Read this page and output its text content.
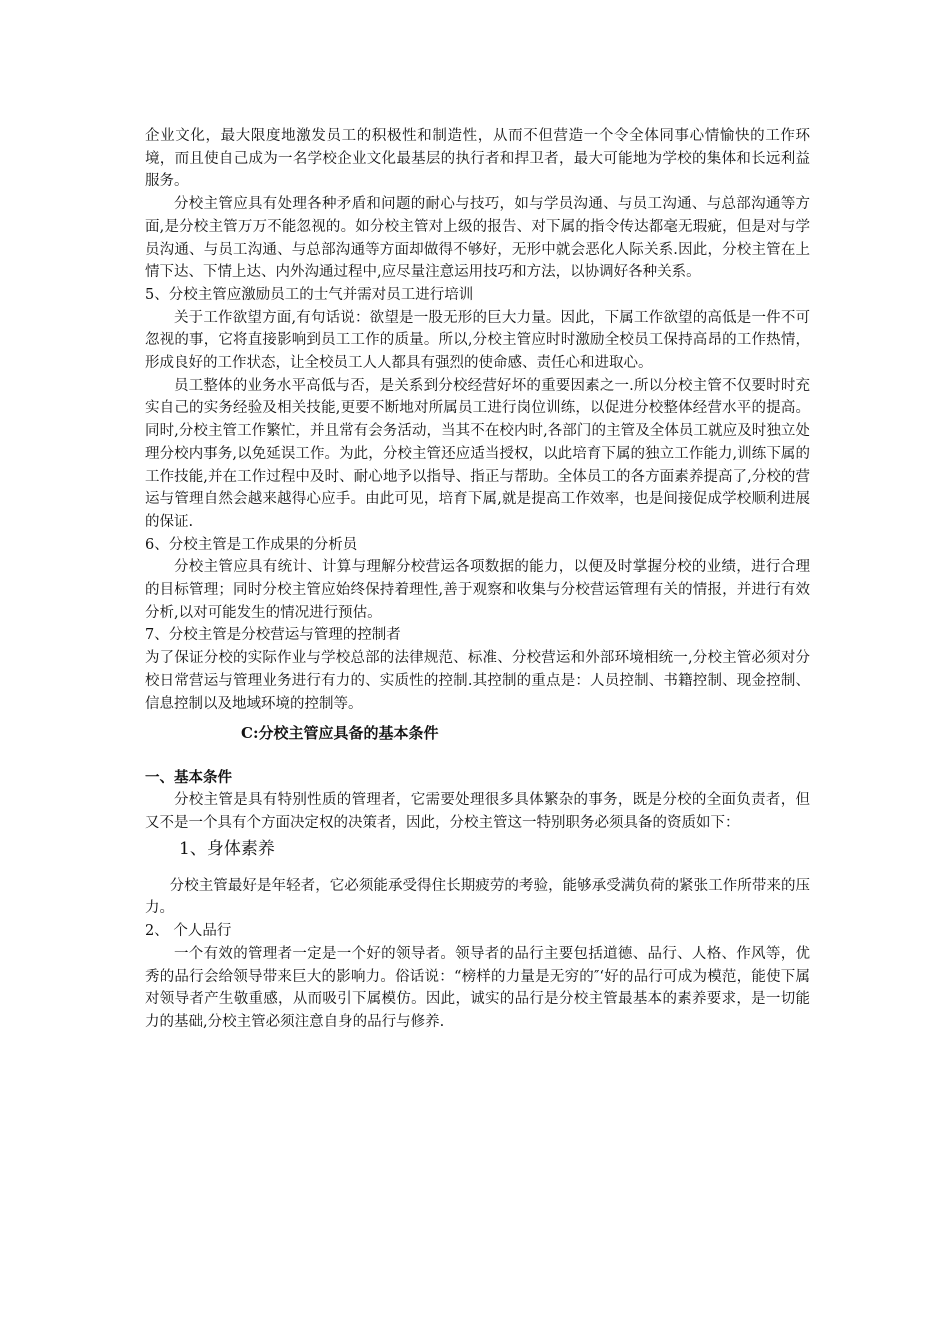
企业文化，最大限度地激发员工的积极性和制造性，从而不但营造一个令全体同事心情愉快的工作环境，而且使自己成为一名学校企业文化最基层的执行者和捍卫者，最大可能地为学校的集体和长远利益服务。

分校主管应具有处理各种矛盾和问题的耐心与技巧，如与学员沟通、与员工沟通、与总部沟通等方面,是分校主管万万不能忽视的。如分校主管对上级的报告、对下属的指令传达都毫无瑕疵，但是对与学员沟通、与员工沟通、与总部沟通等方面却做得不够好，无形中就会恶化人际关系.因此，分校主管在上情下达、下情上达、内外沟通过程中,应尽量注意运用技巧和方法，以协调好各种关系。

5、分校主管应激励员工的士气并需对员工进行培训

关于工作欲望方面,有句话说：欲望是一股无形的巨大力量。因此，下属工作欲望的高低是一件不可忽视的事，它将直接影响到员工工作的质量。所以,分校主管应时时激励全校员工保持高昂的工作热情，形成良好的工作状态，让全校员工人人都具有强烈的使命感、责任心和进取心。

员工整体的业务水平高低与否，是关系到分校经营好坏的重要因素之一.所以分校主管不仅要时时充实自己的实务经验及相关技能,更要不断地对所属员工进行岗位训练，以促进分校整体经营水平的提高。同时,分校主管工作繁忙，并且常有会务活动，当其不在校内时,各部门的主管及全体员工就应及时独立处理分校内事务,以免延误工作。为此，分校主管还应适当授权，以此培育下属的独立工作能力,训练下属的工作技能,并在工作过程中及时、耐心地予以指导、指正与帮助。全体员工的各方面素养提高了,分校的营运与管理自然会越来越得心应手。由此可见，培育下属,就是提高工作效率，也是间接促成学校顺利进展的保证.

6、分校主管是工作成果的分析员

分校主管应具有统计、计算与理解分校营运各项数据的能力，以便及时掌握分校的业绩，进行合理的目标管理；同时分校主管应始终保持着理性,善于观察和收集与分校营运管理有关的情报，并进行有效分析,以对可能发生的情况进行预估。

7、分校主管是分校营运与管理的控制者

为了保证分校的实际作业与学校总部的法律规范、标准、分校营运和外部环境相统一,分校主管必须对分校日常营运与管理业务进行有力的、实质性的控制.其控制的重点是：人员控制、书籍控制、现金控制、信息控制以及地域环境的控制等。

C:分校主管应具备的基本条件

一、基本条件

分校主管是具有特别性质的管理者，它需要处理很多具体繁杂的事务，既是分校的全面负责者，但又不是一个具有个方面决定权的决策者，因此，分校主管这一特别职务必须具备的资质如下：

1、身体素养

分校主管最好是年轻者，它必须能承受得住长期疲劳的考验，能够承受满负荷的紧张工作所带来的压力。

2、 个人品行

一个有效的管理者一定是一个好的领导者。领导者的品行主要包括道德、品行、人格、作风等，优秀的品行会给领导带来巨大的影响力。俗话说：“榜样的力量是无穷的″‘好的品行可成为模范，能使下属对领导者产生敬重感，从而吸引下属模仿。因此，诚实的品行是分校主管最基本的素养要求，是一切能力的基础,分校主管必须注意自身的品行与修养.
